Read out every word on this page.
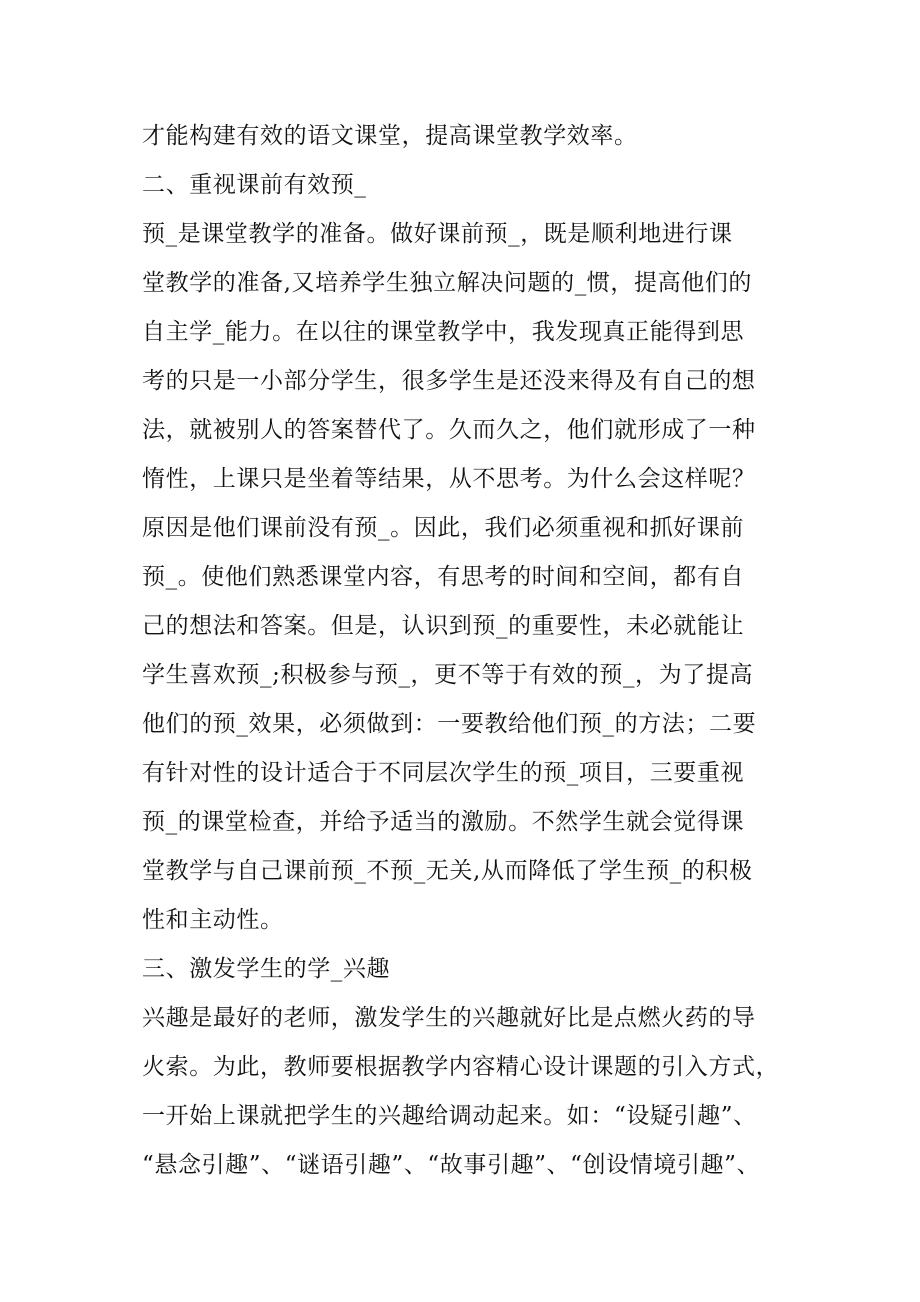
才能构建有效的语文课堂，提高课堂教学效率。
二、重视课前有效预_
预_是课堂教学的准备。做好课前预_，既是顺利地进行课
堂教学的准备,又培养学生独立解决问题的_惯，提高他们的
自主学_能力。在以往的课堂教学中，我发现真正能得到思
考的只是一小部分学生，很多学生是还没来得及有自己的想
法，就被别人的答案替代了。久而久之，他们就形成了一种
惰性，上课只是坐着等结果，从不思考。为什么会这样呢？
原因是他们课前没有预_。因此，我们必须重视和抓好课前
预_。使他们熟悉课堂内容，有思考的时间和空间，都有自
己的想法和答案。但是，认识到预_的重要性，未必就能让
学生喜欢预_;积极参与预_，更不等于有效的预_，为了提高
他们的预_效果，必须做到：一要教给他们预_的方法；二要
有针对性的设计适合于不同层次学生的预_项目，三要重视
预_的课堂检查，并给予适当的激励。不然学生就会觉得课
堂教学与自己课前预_不预_无关,从而降低了学生预_的积极
性和主动性。
三、激发学生的学_兴趣
兴趣是最好的老师，激发学生的兴趣就好比是点燃火药的导
火索。为此，教师要根据教学内容精心设计课题的引入方式，
一开始上课就把学生的兴趣给调动起来。如：“设疑引趣”、
“悬念引趣”、“谜语引趣”、“故事引趣”、“创设情境引趣”、
